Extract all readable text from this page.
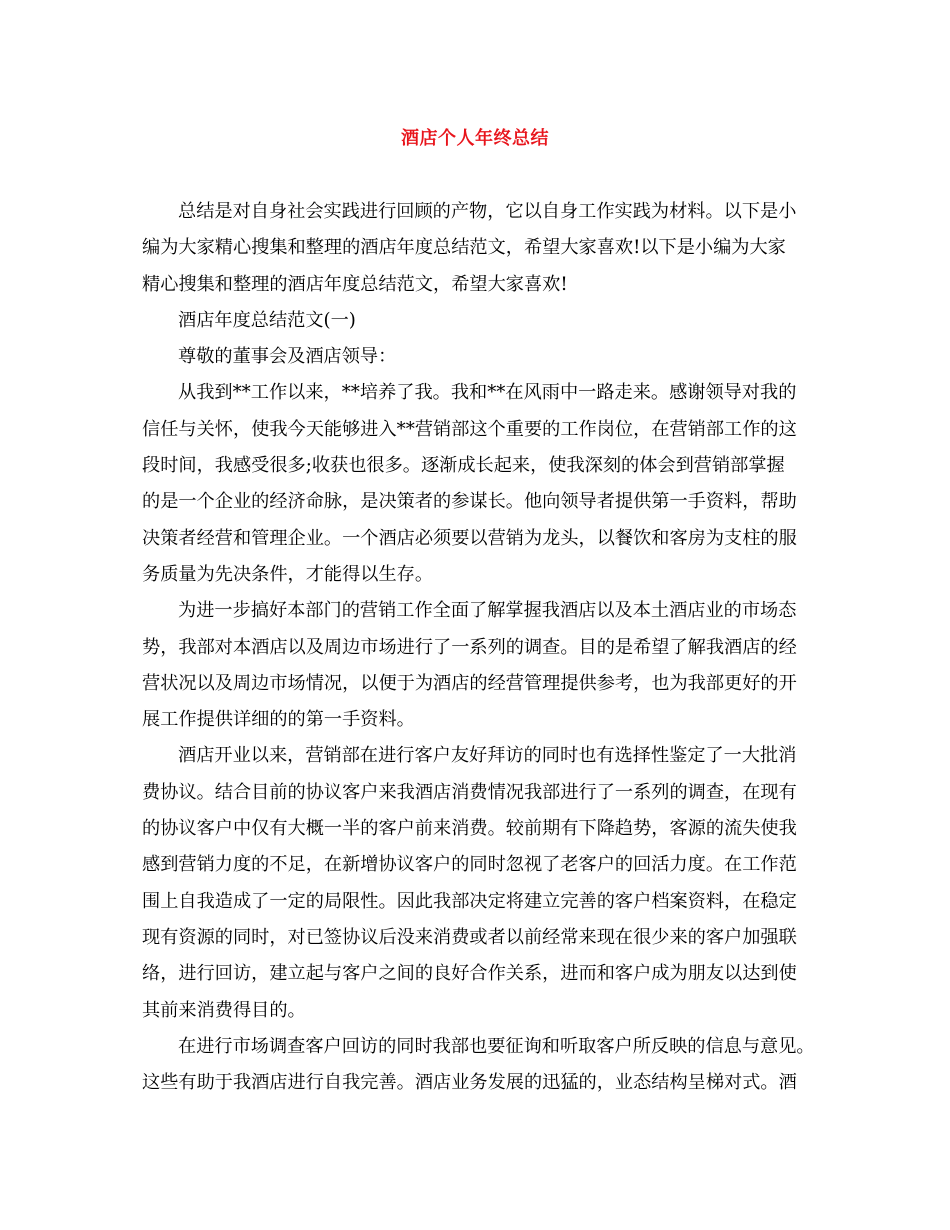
酒店个人年终总结
总结是对自身社会实践进行回顾的产物，它以自身工作实践为材料。以下是小
编为大家精心搜集和整理的酒店年度总结范文，希望大家喜欢!以下是小编为大家
精心搜集和整理的酒店年度总结范文，希望大家喜欢!
酒店年度总结范文(一)
尊敬的董事会及酒店领导：
从我到**工作以来，**培养了我。我和**在风雨中一路走来。感谢领导对我的
信任与关怀，使我今天能够进入**营销部这个重要的工作岗位，在营销部工作的这
段时间，我感受很多;收获也很多。逐渐成长起来，使我深刻的体会到营销部掌握
的是一个企业的经济命脉，是决策者的参谋长。他向领导者提供第一手资料，帮助
决策者经营和管理企业。一个酒店必须要以营销为龙头，以餐饮和客房为支柱的服
务质量为先决条件，才能得以生存。
为进一步搞好本部门的营销工作全面了解掌握我酒店以及本土酒店业的市场态
势，我部对本酒店以及周边市场进行了一系列的调查。目的是希望了解我酒店的经
营状况以及周边市场情况，以便于为酒店的经营管理提供参考，也为我部更好的开
展工作提供详细的的第一手资料。
酒店开业以来，营销部在进行客户友好拜访的同时也有选择性鉴定了一大批消
费协议。结合目前的协议客户来我酒店消费情况我部进行了一系列的调查，在现有
的协议客户中仅有大概一半的客户前来消费。较前期有下降趋势，客源的流失使我
感到营销力度的不足，在新增协议客户的同时忽视了老客户的回活力度。在工作范
围上自我造成了一定的局限性。因此我部决定将建立完善的客户档案资料，在稳定
现有资源的同时，对已签协议后没来消费或者以前经常来现在很少来的客户加强联
络，进行回访，建立起与客户之间的良好合作关系，进而和客户成为朋友以达到使
其前来消费得目的。
在进行市场调查客户回访的同时我部也要征询和听取客户所反映的信息与意见。
这些有助于我酒店进行自我完善。酒店业务发展的迅猛的，业态结构呈梯对式。酒
